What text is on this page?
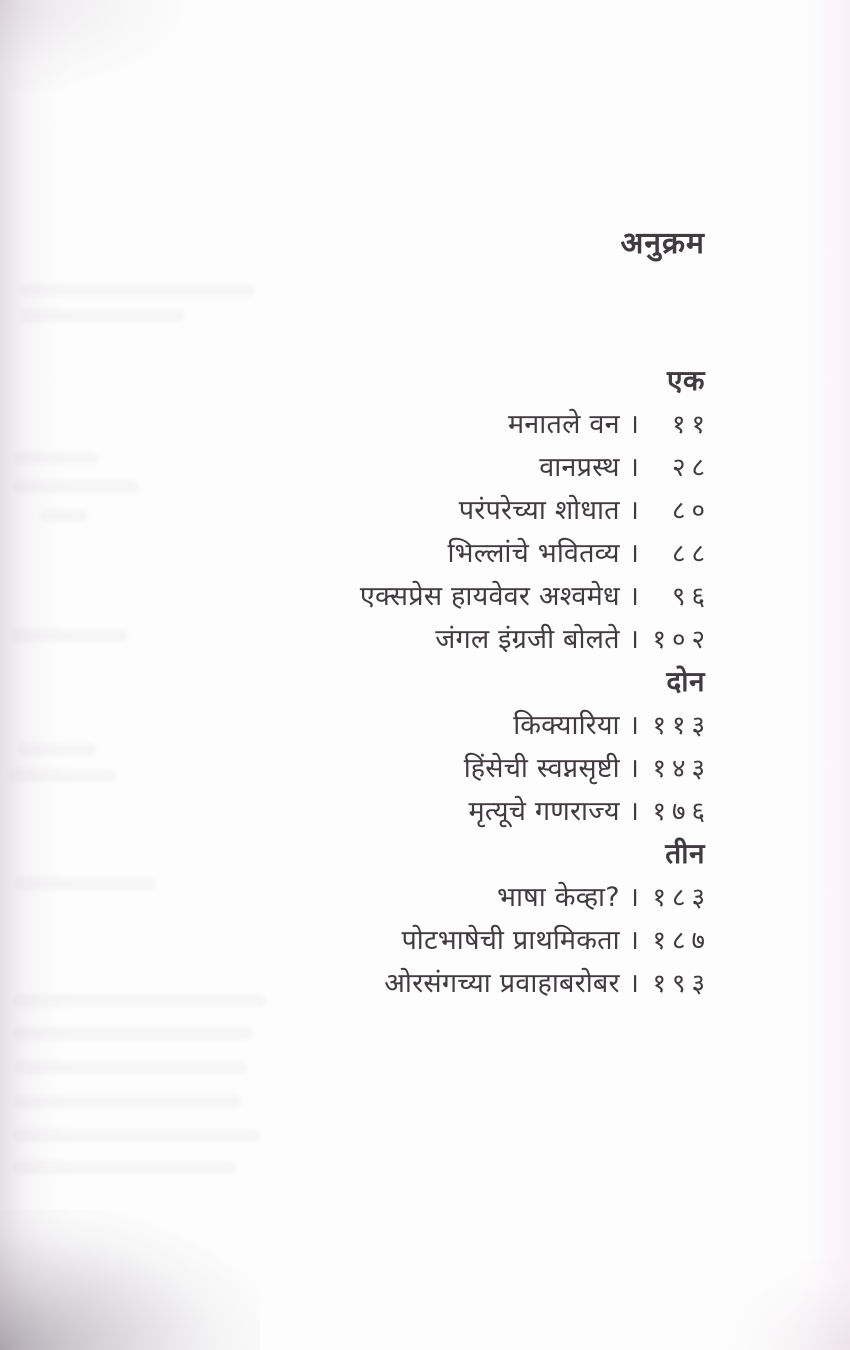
अनुक्रम
एक
मनातले वन ।	११
वानप्रस्थ ।	२८
परंपरेच्या शोधात ।	८०
भिल्लांचे भवितव्य ।	८८
एक्सप्रेस हायवेवर अश्वमेध ।	९६
जंगल इंग्रजी बोलते । १०२
दोन
किक्यारिया । ११३
हिंसेची स्वप्नसृष्टी । १४३
मृत्यूचे गणराज्य । १७६
तीन
भाषा केव्हा? । १८३
पोटभाषेची प्राथमिकता । १८७
ओरसंगच्या प्रवाहाबरोबर । १९३
